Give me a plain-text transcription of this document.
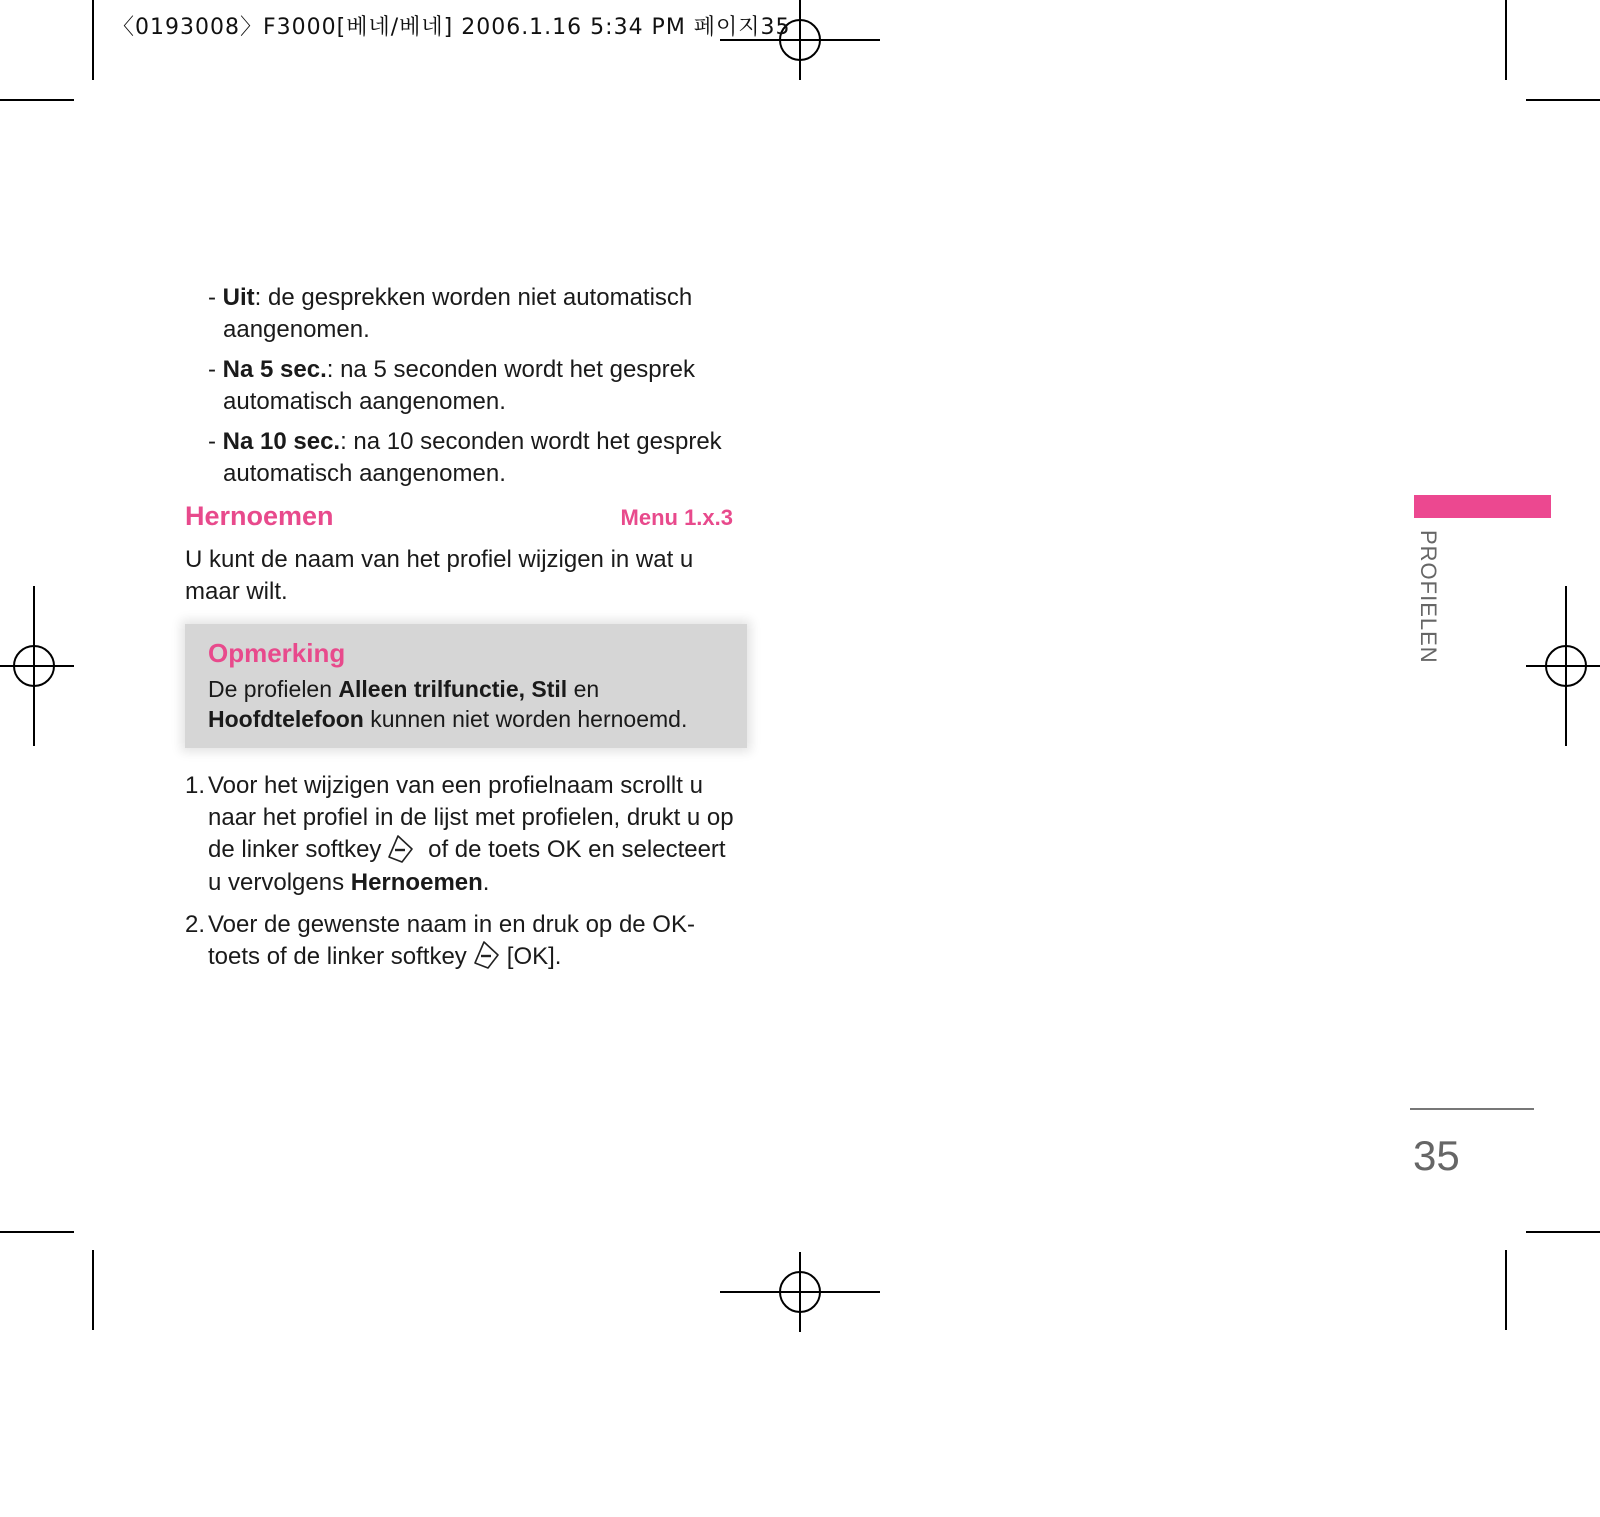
〈0193008〉F3000[베네/베네] 2006.1.16 5:34 PM 페이지35
- Uit: de gesprekken worden niet automatisch aangenomen.
- Na 5 sec.: na 5 seconden wordt het gesprek automatisch aangenomen.
- Na 10 sec.: na 10 seconden wordt het gesprek automatisch aangenomen.
Hernoemen	Menu 1.x.3
U kunt de naam van het profiel wijzigen in wat u maar wilt.
Opmerking
De profielen Alleen trilfunctie, Stil en Hoofdtelefoon kunnen niet worden hernoemd.
1. Voor het wijzigen van een profielnaam scrollt u naar het profiel in de lijst met profielen, drukt u op de linker softkey of de toets OK en selecteert u vervolgens Hernoemen.
2. Voer de gewenste naam in en druk op de OK-toets of de linker softkey [OK].
PROFIELEN
35
